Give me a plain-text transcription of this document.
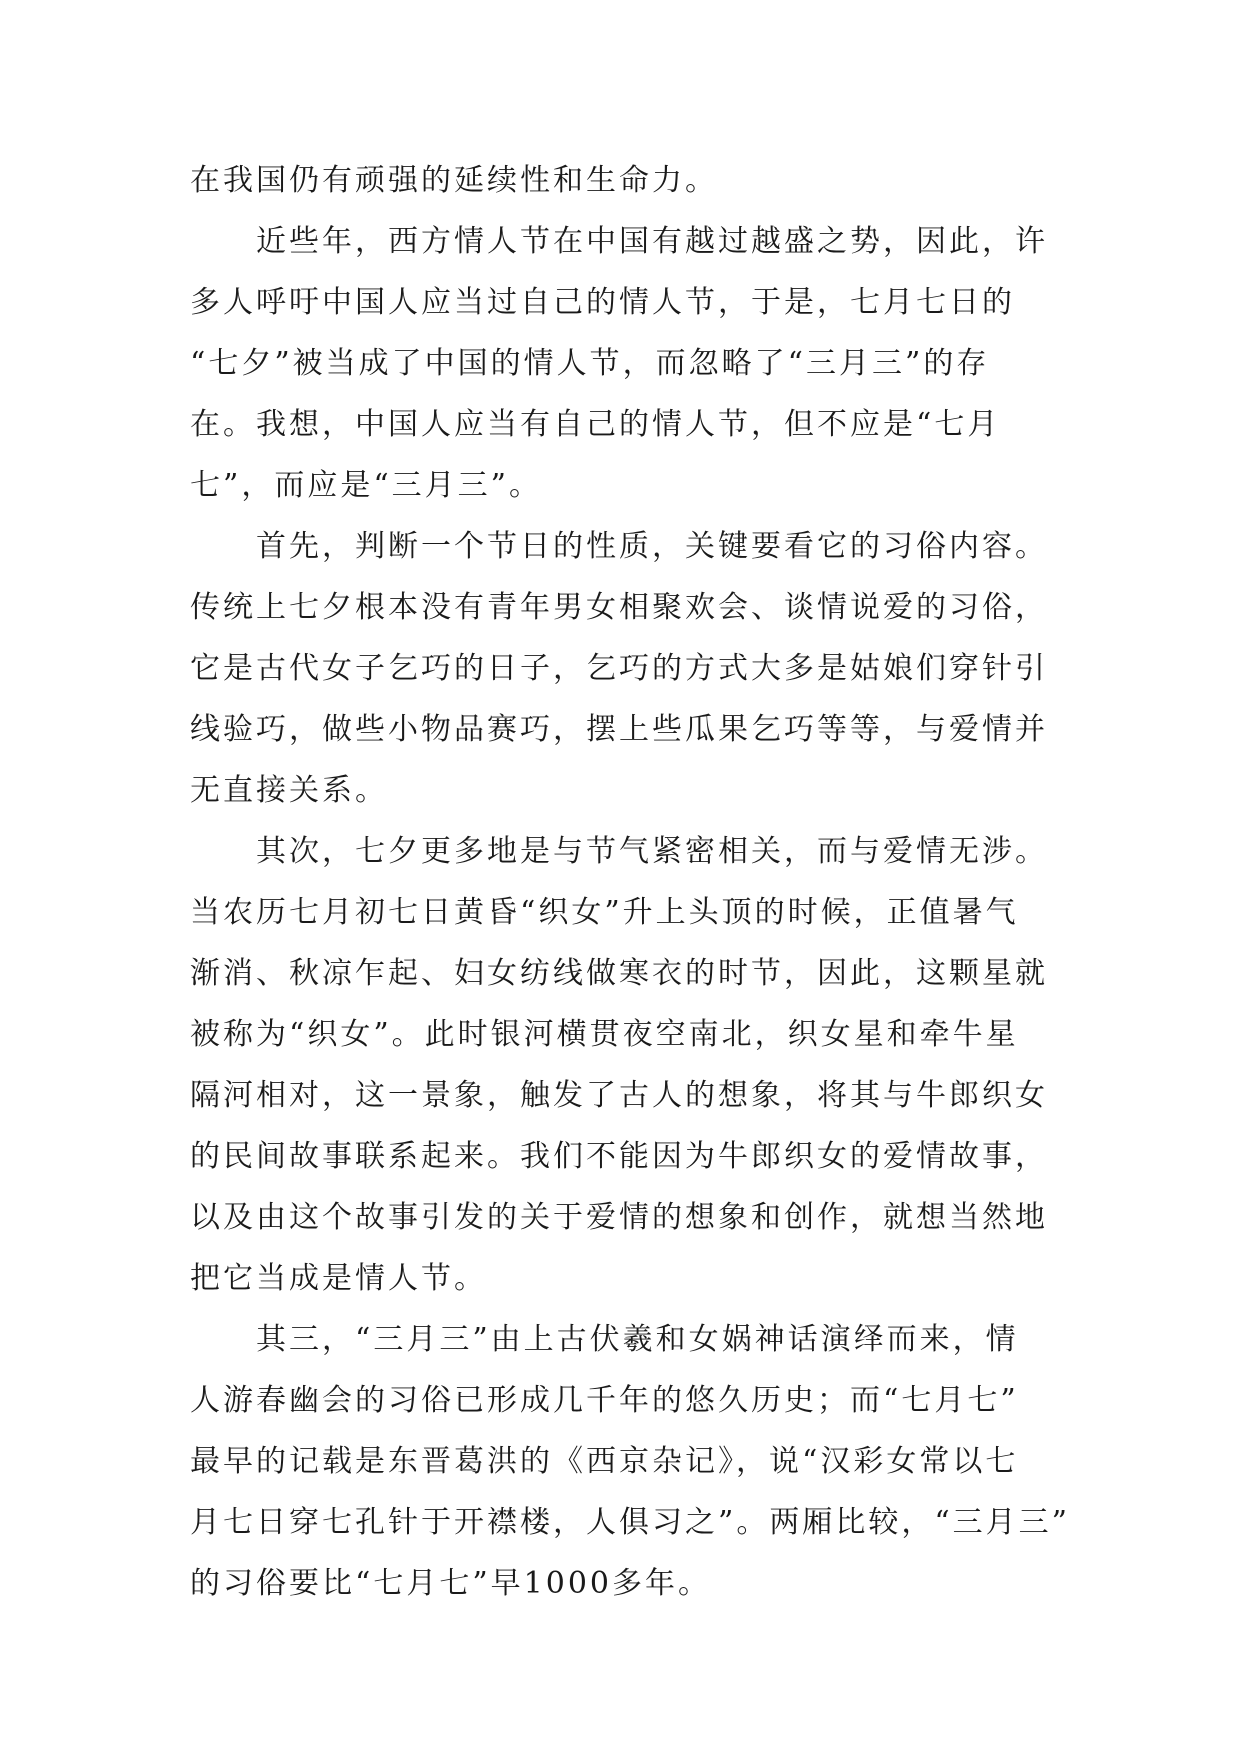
在我国仍有顽强的延续性和生命力。
近些年，西方情人节在中国有越过越盛之势，因此，许
多人呼吁中国人应当过自己的情人节，于是，七月七日的
“七夕”被当成了中国的情人节，而忽略了“三月三”的存
在。我想，中国人应当有自己的情人节，但不应是“七月
七”，而应是“三月三”。
首先，判断一个节日的性质，关键要看它的习俗内容。
传统上七夕根本没有青年男女相聚欢会、谈情说爱的习俗，
它是古代女子乞巧的日子，乞巧的方式大多是姑娘们穿针引
线验巧，做些小物品赛巧，摆上些瓜果乞巧等等，与爱情并
无直接关系。
其次，七夕更多地是与节气紧密相关，而与爱情无涉。
当农历七月初七日黄昏“织女”升上头顶的时候，正值暑气
渐消、秋凉乍起、妇女纺线做寒衣的时节，因此，这颗星就
被称为“织女”。此时银河横贯夜空南北，织女星和牵牛星
隔河相对，这一景象，触发了古人的想象，将其与牛郎织女
的民间故事联系起来。我们不能因为牛郎织女的爱情故事，
以及由这个故事引发的关于爱情的想象和创作，就想当然地
把它当成是情人节。
其三，“三月三”由上古伏羲和女娲神话演绎而来，情
人游春幽会的习俗已形成几千年的悠久历史；而“七月七”
最早的记载是东晋葛洪的《西京杂记》，说“汉彩女常以七
月七日穿七孔针于开襟楼，人俱习之”。两厢比较，“三月三”
的习俗要比“七月七”早1000多年。
